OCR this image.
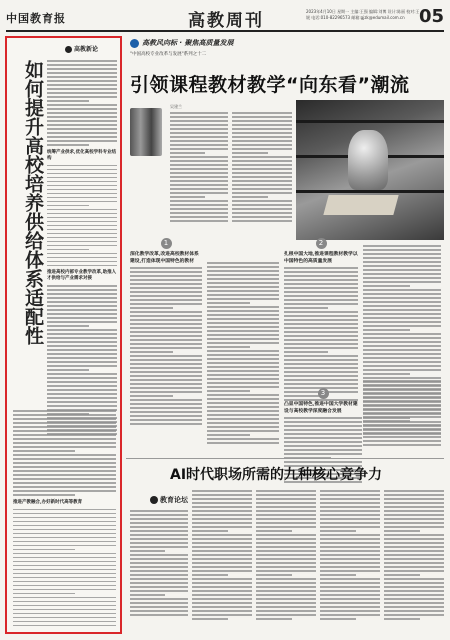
中国教育报	高教周刊	2023年4月10日 星期一 主编:王强 编辑:刘博 设计:陈丽 校对:王媛 电话:010-82296573 邮箱:gjzk@edumail.com.cn 05
高教新论
如何提升高校培养供给体系适配性 统筹产业供求,优化高校学科专业结构
推进高校内部专业教学改革,助推人才供给与产业需求对接
推进产教融合,办好新时代高等教育
高教风向标 · 聚焦高质量发展
"中国高校专业改革与发展"系列之十二
引领课程教材教学“向东看”潮流
吴建兰
1
深化教学改革,改进高校教材体系建设,打造体现中国特色的教材
2
扎根中国大地,推进课程教材教学以中国特色的高质量发展
3
凸显中国特色,推进中国大学教材建设与高校教学深度融合发展
AI时代职场所需的九种核心竞争力
教育论坛
